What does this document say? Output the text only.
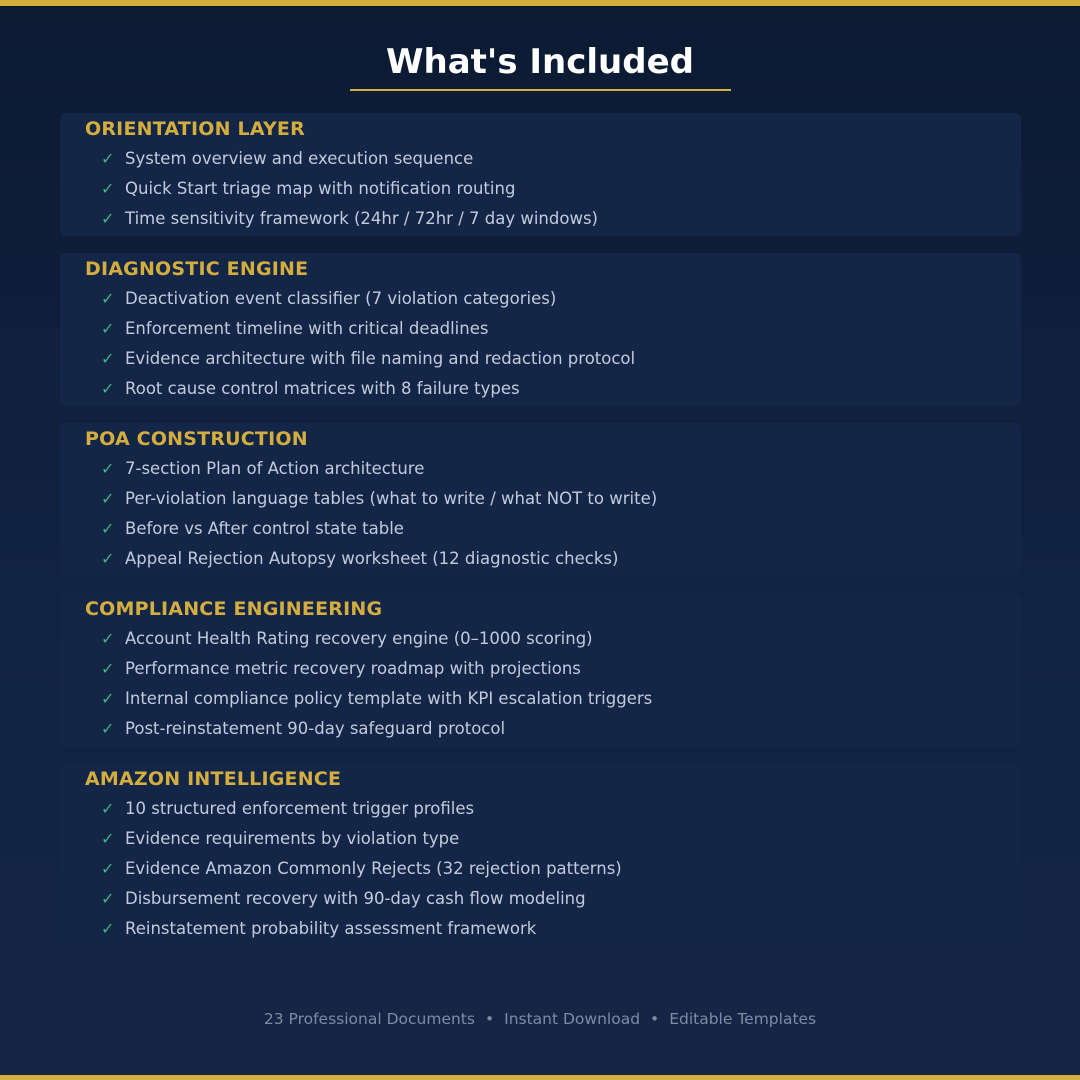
What's Included
ORIENTATION LAYER
✓ System overview and execution sequence
✓ Quick Start triage map with notification routing
✓ Time sensitivity framework (24hr / 72hr / 7 day windows)
DIAGNOSTIC ENGINE
✓ Deactivation event classifier (7 violation categories)
✓ Enforcement timeline with critical deadlines
✓ Evidence architecture with file naming and redaction protocol
✓ Root cause control matrices with 8 failure types
POA CONSTRUCTION
✓ 7-section Plan of Action architecture
✓ Per-violation language tables (what to write / what NOT to write)
✓ Before vs After control state table
✓ Appeal Rejection Autopsy worksheet (12 diagnostic checks)
COMPLIANCE ENGINEERING
✓ Account Health Rating recovery engine (0–1000 scoring)
✓ Performance metric recovery roadmap with projections
✓ Internal compliance policy template with KPI escalation triggers
✓ Post-reinstatement 90-day safeguard protocol
AMAZON INTELLIGENCE
✓ 10 structured enforcement trigger profiles
✓ Evidence requirements by violation type
✓ Evidence Amazon Commonly Rejects (32 rejection patterns)
✓ Disbursement recovery with 90-day cash flow modeling
✓ Reinstatement probability assessment framework
23 Professional Documents • Instant Download • Editable Templates
